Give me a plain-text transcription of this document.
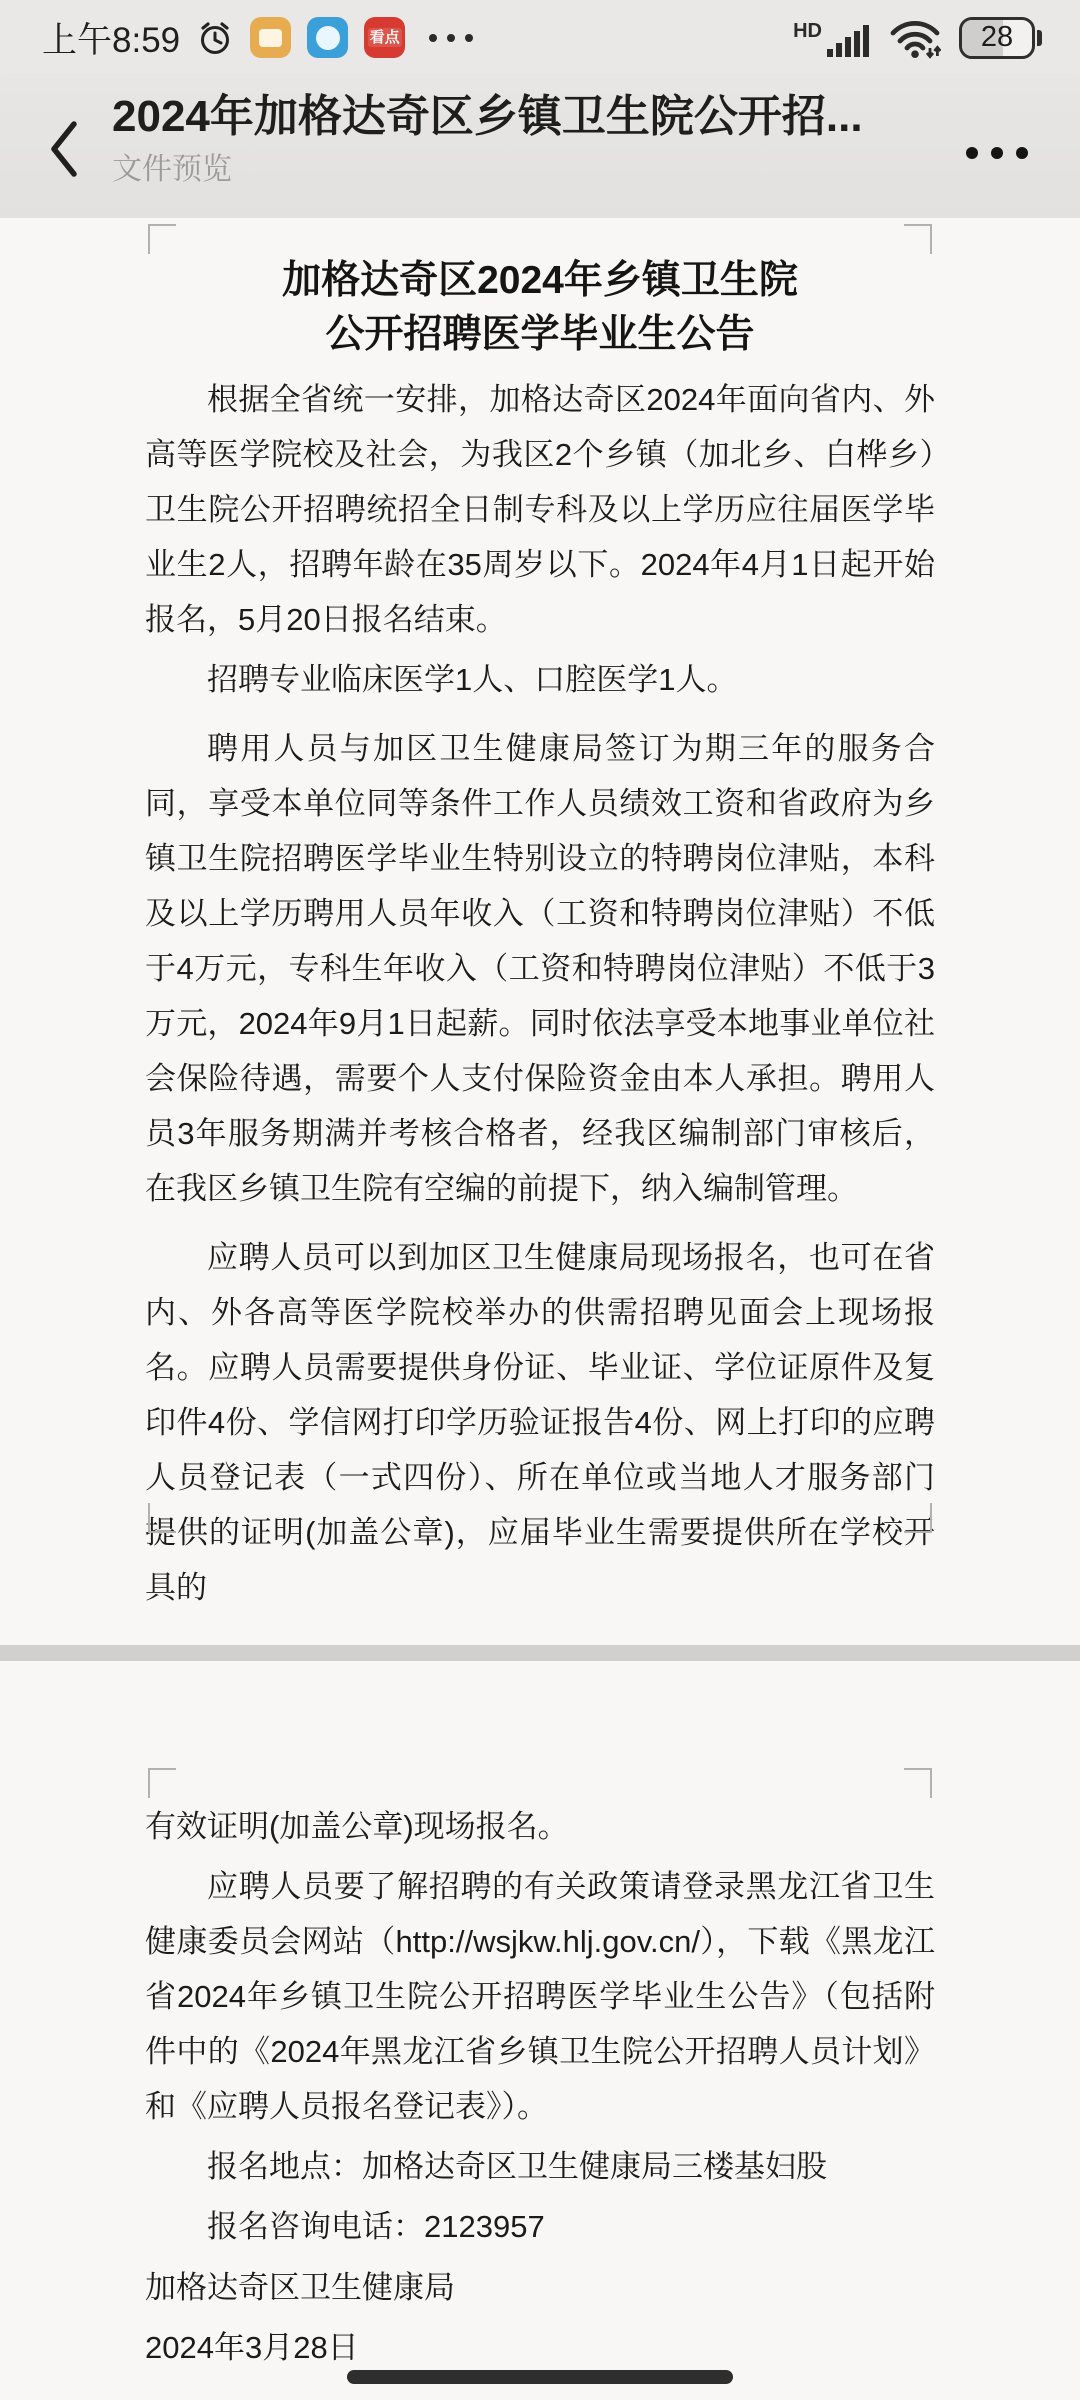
上午8:59	看点	HD	28
2024年加格达奇区乡镇卫生院公开招...
文件预览
加格达奇区2024年乡镇卫生院
公开招聘医学毕业生公告

根据全省统一安排，加格达奇区2024年面向省内、外高等医学院校及社会，为我区2个乡镇（加北乡、白桦乡）卫生院公开招聘统招全日制专科及以上学历应往届医学毕业生2人，招聘年龄在35周岁以下。2024年4月1日起开始报名，5月20日报名结束。

招聘专业临床医学1人、口腔医学1人。

聘用人员与加区卫生健康局签订为期三年的服务合同，享受本单位同等条件工作人员绩效工资和省政府为乡镇卫生院招聘医学毕业生特别设立的特聘岗位津贴，本科及以上学历聘用人员年收入（工资和特聘岗位津贴）不低于4万元，专科生年收入（工资和特聘岗位津贴）不低于3万元，2024年9月1日起薪。同时依法享受本地事业单位社会保险待遇，需要个人支付保险资金由本人承担。聘用人员3年服务期满并考核合格者，经我区编制部门审核后，在我区乡镇卫生院有空编的前提下，纳入编制管理。

应聘人员可以到加区卫生健康局现场报名，也可在省内、外各高等医学院校举办的供需招聘见面会上现场报名。应聘人员需要提供身份证、毕业证、学位证原件及复印件4份、学信网打印学历验证报告4份、网上打印的应聘人员登记表（一式四份）、所在单位或当地人才服务部门提供的证明(加盖公章)，应届毕业生需要提供所在学校开具的

有效证明(加盖公章)现场报名。

应聘人员要了解招聘的有关政策请登录黑龙江省卫生健康委员会网站（http://wsjkw.hlj.gov.cn/），下载《黑龙江省2024年乡镇卫生院公开招聘医学毕业生公告》（包括附件中的《2024年黑龙江省乡镇卫生院公开招聘人员计划》和《应聘人员报名登记表》）。

报名地点：加格达奇区卫生健康局三楼基妇股

报名咨询电话：2123957

加格达奇区卫生健康局

2024年3月28日
